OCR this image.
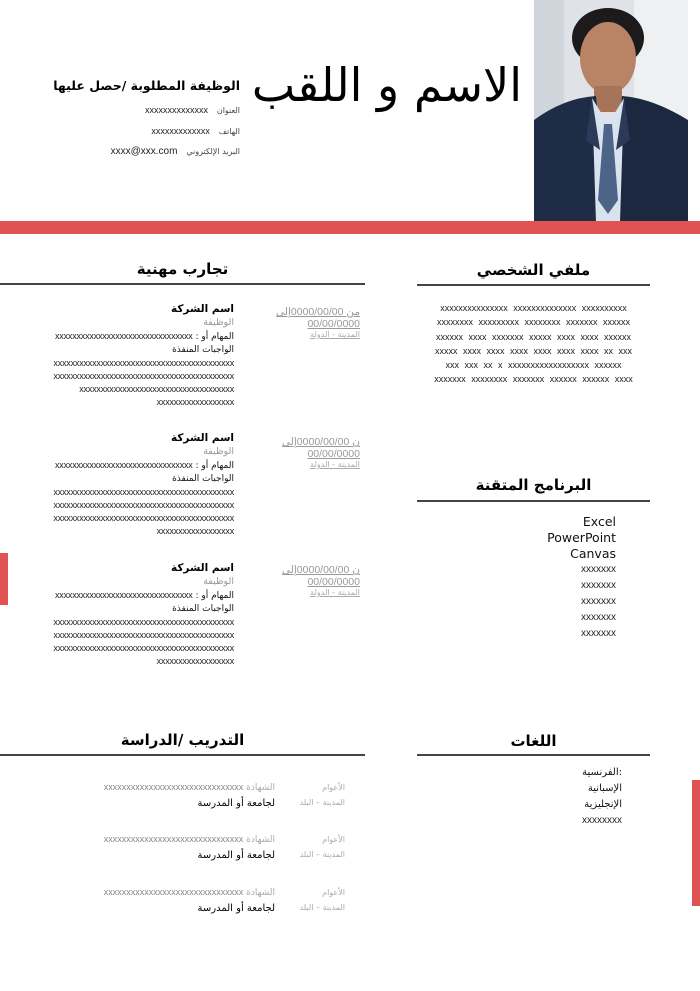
الاسم و اللقب
الوظيفة المطلوبة /حصل عليها
العنوان xxxxxxxxxxxxxx
الهاتف xxxxxxxxxxxxx
البريد الإلكتروني xxxx@xxx.com
تجارب مهنية	ملفي الشخصي
xxxxxxxxxxxxxxx xxxxxxxxxxxxxx xxxxxxxxxx
xxxxxxxx xxxxxxxxx xxxxxxxx xxxxxxx xxxxxx
xxxxxx xxxx xxxxxxx xxxxx xxxx xxxx xxxxxx
xxxxx xxxx xxxx xxxx xxxx xxxx xxxx xx xxx
xxx xxx xx x xxxxxxxxxxxxxxxxxx xxxxxx
xxxxxxx xxxxxxxx xxxxxxx xxxxxx xxxxxx xxxx
من 0000/00/00إلى
00/00/0000
المدينة - الدولة
اسم الشركة
الوظيفة
المهام أو : xxxxxxxxxxxxxxxxxxxxxxxxxxxxxxxx
الواجبات المنفذة
xxxxxxxxxxxxxxxxxxxxxxxxxxxxxxxxxxxxxxxxxx
xxxxxxxxxxxxxxxxxxxxxxxxxxxxxxxxxxxxxxxxxx
xxxxxxxxxxxxxxxxxxxxxxxxxxxxxxxxxxxx
xxxxxxxxxxxxxxxxxx
ن 0000/00/00إلى
00/00/0000
المدينة - الدولة
اسم الشركة
الوظيفة
المهام أو : xxxxxxxxxxxxxxxxxxxxxxxxxxxxxxxx
الواجبات المنفذة
xxxxxxxxxxxxxxxxxxxxxxxxxxxxxxxxxxxxxxxxxx
xxxxxxxxxxxxxxxxxxxxxxxxxxxxxxxxxxxxxxxxxx
xxxxxxxxxxxxxxxxxxxxxxxxxxxxxxxxxxxxxxxxxx
xxxxxxxxxxxxxxxxxx
ن 0000/00/00إلى
00/00/0000
المدينة - الدولة
اسم الشركة
الوظيفة
المهام أو : xxxxxxxxxxxxxxxxxxxxxxxxxxxxxxxx
الواجبات المنفذة
xxxxxxxxxxxxxxxxxxxxxxxxxxxxxxxxxxxxxxxxxx
xxxxxxxxxxxxxxxxxxxxxxxxxxxxxxxxxxxxxxxxxx
xxxxxxxxxxxxxxxxxxxxxxxxxxxxxxxxxxxxxxxxxx
xxxxxxxxxxxxxxxxxx
البرنامج المتقنة
Excel
PowerPoint
Canvas
xxxxxxx
xxxxxxx
xxxxxxx
xxxxxxx
xxxxxxx
التدريب /الدراسة
الأعوام
المدينة – البلد
الشهادة xxxxxxxxxxxxxxxxxxxxxxxxxxxxxxx
لجامعة أو المدرسة
الأعوام
المدينة – البلد
الشهادة xxxxxxxxxxxxxxxxxxxxxxxxxxxxxxx
لجامعة أو المدرسة
الأعوام
المدينة – البلد
الشهادة xxxxxxxxxxxxxxxxxxxxxxxxxxxxxxx
لجامعة أو المدرسة
اللغات
:الفرنسية
الإسبانية
الإنجليزية
xxxxxxxx
